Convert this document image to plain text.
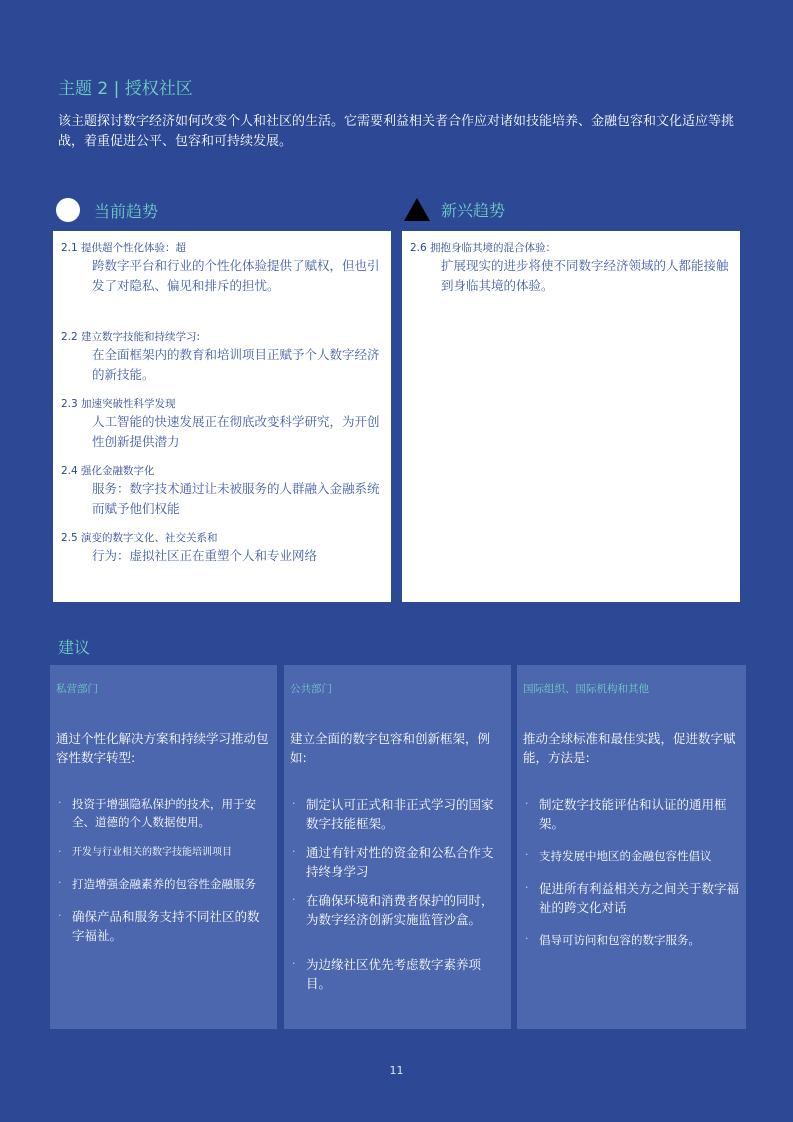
主题 2 | 授权社区
该主题探讨数字经济如何改变个人和社区的生活。它需要利益相关者合作应对诸如技能培养、金融包容和文化适应等挑战，着重促进公平、包容和可持续发展。
当前趋势	新兴趋势
2.1 提供超个性化体验：超
跨数字平台和行业的个性化体验提供了赋权，但也引发了对隐私、偏见和排斥的担忧。
2.2 建立数字技能和持续学习:
在全面框架内的教育和培训项目正赋予个人数字经济的新技能。
2.3 加速突破性科学发现
人工智能的快速发展正在彻底改变科学研究，为开创性创新提供潜力
2.4 强化金融数字化
服务：数字技术通过让未被服务的人群融入金融系统而赋予他们权能
2.5 演变的数字文化、社交关系和
行为：虚拟社区正在重塑个人和专业网络
2.6 拥抱身临其境的混合体验：
扩展现实的进步将使不同数字经济领域的人都能接触到身临其境的体验。
建议
私营部门
通过个性化解决方案和持续学习推动包容性数字转型:
· 投资于增强隐私保护的技术，用于安全、道德的个人数据使用。
· 开发与行业相关的数字技能培训项目
· 打造增强金融素养的包容性金融服务
· 确保产品和服务支持不同社区的数字福祉。
公共部门
建立全面的数字包容和创新框架，例如:
· 制定认可正式和非正式学习的国家数字技能框架。
· 通过有针对性的资金和公私合作支持终身学习
· 在确保环境和消费者保护的同时，为数字经济创新实施监管沙盒。
· 为边缘社区优先考虑数字素养项目。
国际组织、国际机构和其他
推动全球标准和最佳实践，促进数字赋能，方法是:
· 制定数字技能评估和认证的通用框架。
· 支持发展中地区的金融包容性倡议
· 促进所有利益相关方之间关于数字福祉的跨文化对话
· 倡导可访问和包容的数字服务。
11
